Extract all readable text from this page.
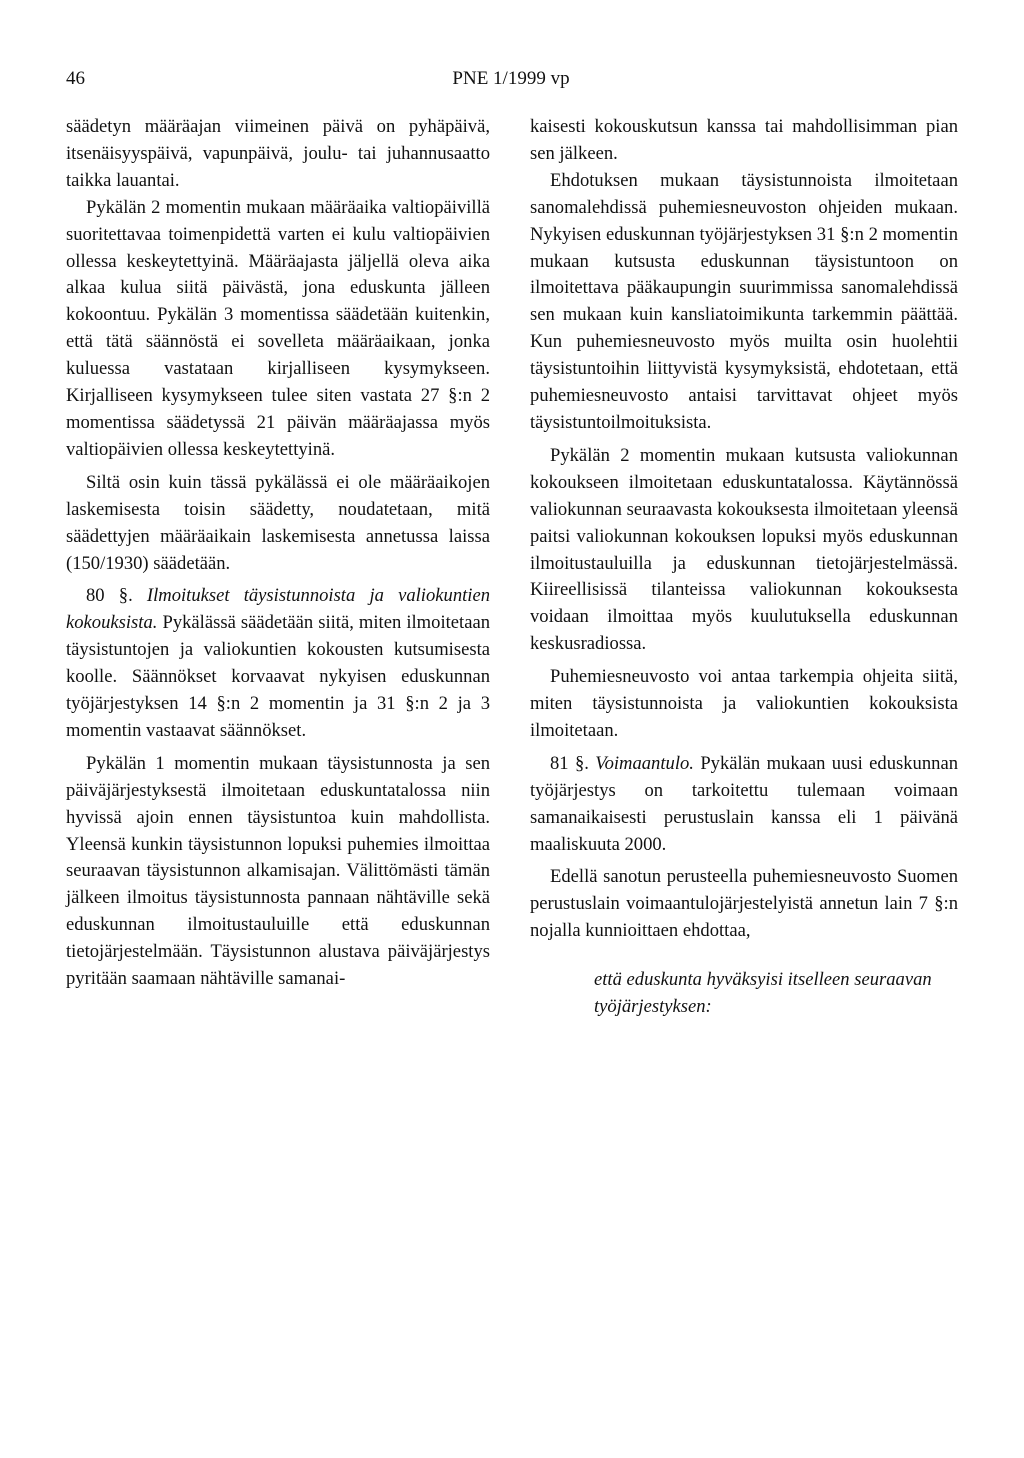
46	PNE 1/1999 vp

säädetyn määräajan viimeinen päivä on pyhäpäivä, itsenäisyyspäivä, vapunpäivä, joulu- tai juhannusaatto taikka lauantai.

Pykälän 2 momentin mukaan määräaika valtiopäivillä suoritettavaa toimenpidettä varten ei kulu valtiopäivien ollessa keskeytettyinä. Määräajasta jäljellä oleva aika alkaa kulua siitä päivästä, jona eduskunta jälleen kokoontuu. Pykälän 3 momentissa säädetään kuitenkin, että tätä säännöstä ei sovelleta määräaikaan, jonka kuluessa vastataan kirjalliseen kysymykseen. Kirjalliseen kysymykseen tulee siten vastata 27 §:n 2 momentissa säädetyssä 21 päivän määräajassa myös valtiopäivien ollessa keskeytettyinä.

Siltä osin kuin tässä pykälässä ei ole määräaikojen laskemisesta toisin säädetty, noudatetaan, mitä säädettyjen määräaikain laskemisesta annetussa laissa (150/1930) säädetään.

80 §. Ilmoitukset täysistunnoista ja valiokuntien kokouksista. Pykälässä säädetään siitä, miten ilmoitetaan täysistuntojen ja valiokuntien kokousten kutsumisesta koolle. Säännökset korvaavat nykyisen eduskunnan työjärjestyksen 14 §:n 2 momentin ja 31 §:n 2 ja 3 momentin vastaavat säännökset.

Pykälän 1 momentin mukaan täysistunnosta ja sen päiväjärjestyksestä ilmoitetaan eduskuntatalossa niin hyvissä ajoin ennen täysistuntoa kuin mahdollista. Yleensä kunkin täysistunnon lopuksi puhemies ilmoittaa seuraavan täysistunnon alkamisajan. Välittömästi tämän jälkeen ilmoitus täysistunnosta pannaan nähtäville sekä eduskunnan ilmoitustauluille että eduskunnan tietojärjestelmään. Täysistunnon alustava päiväjärjestys pyritään saamaan nähtäville samanai-

kaisesti kokouskutsun kanssa tai mahdollisimman pian sen jälkeen.

Ehdotuksen mukaan täysistunnoista ilmoitetaan sanomalehdissä puhemiesneuvoston ohjeiden mukaan. Nykyisen eduskunnan työjärjestyksen 31 §:n 2 momentin mukaan kutsusta eduskunnan täysistuntoon on ilmoitettava pääkaupungin suurimmissa sanomalehdissä sen mukaan kuin kansliatoimikunta tarkemmin päättää. Kun puhemiesneuvosto myös muilta osin huolehtii täysistuntoihin liittyvistä kysymyksistä, ehdotetaan, että puhemiesneuvosto antaisi tarvittavat ohjeet myös täysistuntoilmoituksista.

Pykälän 2 momentin mukaan kutsusta valiokunnan kokoukseen ilmoitetaan eduskuntatalossa. Käytännössä valiokunnan seuraavasta kokouksesta ilmoitetaan yleensä paitsi valiokunnan kokouksen lopuksi myös eduskunnan ilmoitustauluilla ja eduskunnan tietojärjestelmässä. Kiireellisissä tilanteissa valiokunnan kokouksesta voidaan ilmoittaa myös kuulutuksella eduskunnan keskusradiossa.

Puhemiesneuvosto voi antaa tarkempia ohjeita siitä, miten täysistunnoista ja valiokuntien kokouksista ilmoitetaan.

81 §. Voimaantulo. Pykälän mukaan uusi eduskunnan työjärjestys on tarkoitettu tulemaan voimaan samanaikaisesti perustuslain kanssa eli 1 päivänä maaliskuuta 2000.

Edellä sanotun perusteella puhemiesneuvosto Suomen perustuslain voimaantulojärjestelyistä annetun lain 7 §:n nojalla kunnioittaen ehdottaa,

että eduskunta hyväksyisi itselleen seuraavan työjärjestyksen:
